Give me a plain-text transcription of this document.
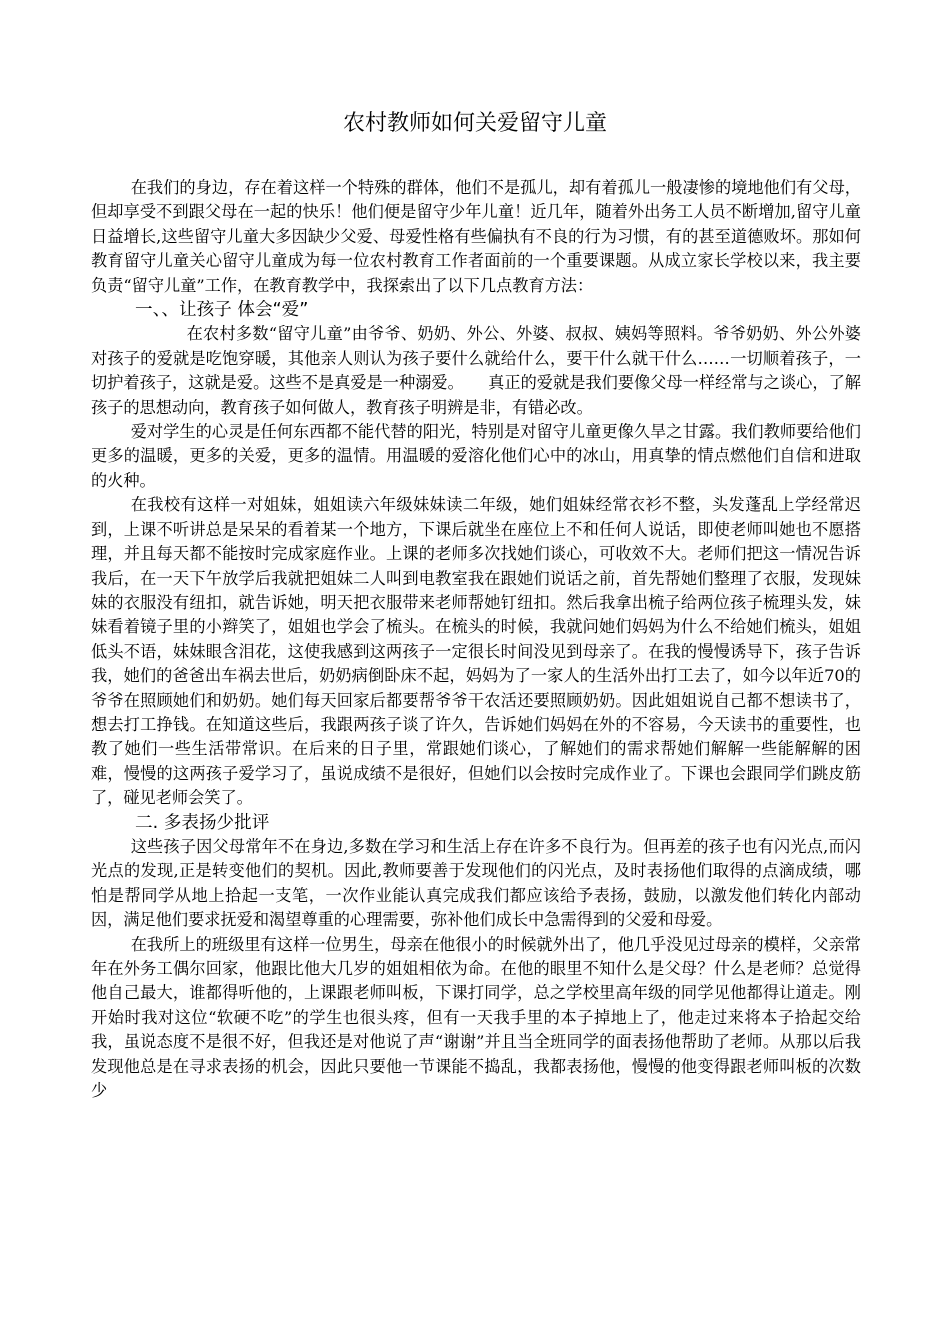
农村教师如何关爱留守儿童

在我们的身边，存在着这样一个特殊的群体，他们不是孤儿，却有着孤儿一般凄惨的境地他们有父母，但却享受不到跟父母在一起的快乐！他们便是留守少年儿童！近几年，随着外出务工人员不断增加,留守儿童日益增长,这些留守儿童大多因缺少父爱、母爱性格有些偏执有不良的行为习惯，有的甚至道德败坏。那如何教育留守儿童关心留守儿童成为每一位农村教育工作者面前的一个重要课题。从成立家长学校以来，我主要负责“留守儿童”工作，在教育教学中，我探索出了以下几点教育方法：

一、、让孩子 体会“爱”

在农村多数“留守儿童”由爷爷、奶奶、外公、外婆、叔叔、姨妈等照料。爷爷奶奶、外公外婆对孩子的爱就是吃饱穿暖，其他亲人则认为孩子要什么就给什么，要干什么就干什么……一切顺着孩子，一切护着孩子，这就是爱。这些不是真爱是一种溺爱。　　真正的爱就是我们要像父母一样经常与之谈心，了解孩子的思想动向，教育孩子如何做人，教育孩子明辨是非，有错必改。

爱对学生的心灵是任何东西都不能代替的阳光，特别是对留守儿童更像久旱之甘露。我们教师要给他们更多的温暖，更多的关爱，更多的温情。用温暖的爱溶化他们心中的冰山，用真挚的情点燃他们自信和进取的火种。

在我校有这样一对姐妹，姐姐读六年级妹妹读二年级，她们姐妹经常衣衫不整，头发蓬乱上学经常迟到，上课不听讲总是呆呆的看着某一个地方，下课后就坐在座位上不和任何人说话，即使老师叫她也不愿搭理，并且每天都不能按时完成家庭作业。上课的老师多次找她们谈心，可收效不大。老师们把这一情况告诉我后，在一天下午放学后我就把姐妹二人叫到电教室我在跟她们说话之前，首先帮她们整理了衣服，发现妹妹的衣服没有纽扣，就告诉她，明天把衣服带来老师帮她钉纽扣。然后我拿出梳子给两位孩子梳理头发，妹妹看着镜子里的小辫笑了，姐姐也学会了梳头。在梳头的时候，我就问她们妈妈为什么不给她们梳头，姐姐低头不语，妹妹眼含泪花，这使我感到这两孩子一定很长时间没见到母亲了。在我的慢慢诱导下，孩子告诉我，她们的爸爸出车祸去世后，奶奶病倒卧床不起，妈妈为了一家人的生活外出打工去了，如今以年近70的爷爷在照顾她们和奶奶。她们每天回家后都要帮爷爷干农活还要照顾奶奶。因此姐姐说自己都不想读书了，想去打工挣钱。在知道这些后，我跟两孩子谈了许久，告诉她们妈妈在外的不容易，今天读书的重要性，也教了她们一些生活带常识。在后来的日子里，常跟她们谈心，了解她们的需求帮她们解解一些能解解的困难，慢慢的这两孩子爱学习了，虽说成绩不是很好，但她们以会按时完成作业了。下课也会跟同学们跳皮筋了，碰见老师会笑了。

二. 多表扬少批评

这些孩子因父母常年不在身边,多数在学习和生活上存在许多不良行为。但再差的孩子也有闪光点,而闪光点的发现,正是转变他们的契机。因此,教师要善于发现他们的闪光点，及时表扬他们取得的点滴成绩，哪怕是帮同学从地上拾起一支笔，一次作业能认真完成我们都应该给予表扬，鼓励，以激发他们转化内部动因，满足他们要求抚爱和渴望尊重的心理需要，弥补他们成长中急需得到的父爱和母爱。

在我所上的班级里有这样一位男生，母亲在他很小的时候就外出了，他几乎没见过母亲的模样，父亲常年在外务工偶尔回家，他跟比他大几岁的姐姐相依为命。在他的眼里不知什么是父母？什么是老师？总觉得他自己最大，谁都得听他的，上课跟老师叫板，下课打同学，总之学校里高年级的同学见他都得让道走。刚开始时我对这位“软硬不吃”的学生也很头疼，但有一天我手里的本子掉地上了，他走过来将本子拾起交给我，虽说态度不是很不好，但我还是对他说了声“谢谢”并且当全班同学的面表扬他帮助了老师。从那以后我发现他总是在寻求表扬的机会，因此只要他一节课能不捣乱，我都表扬他，慢慢的他变得跟老师叫板的次数少
